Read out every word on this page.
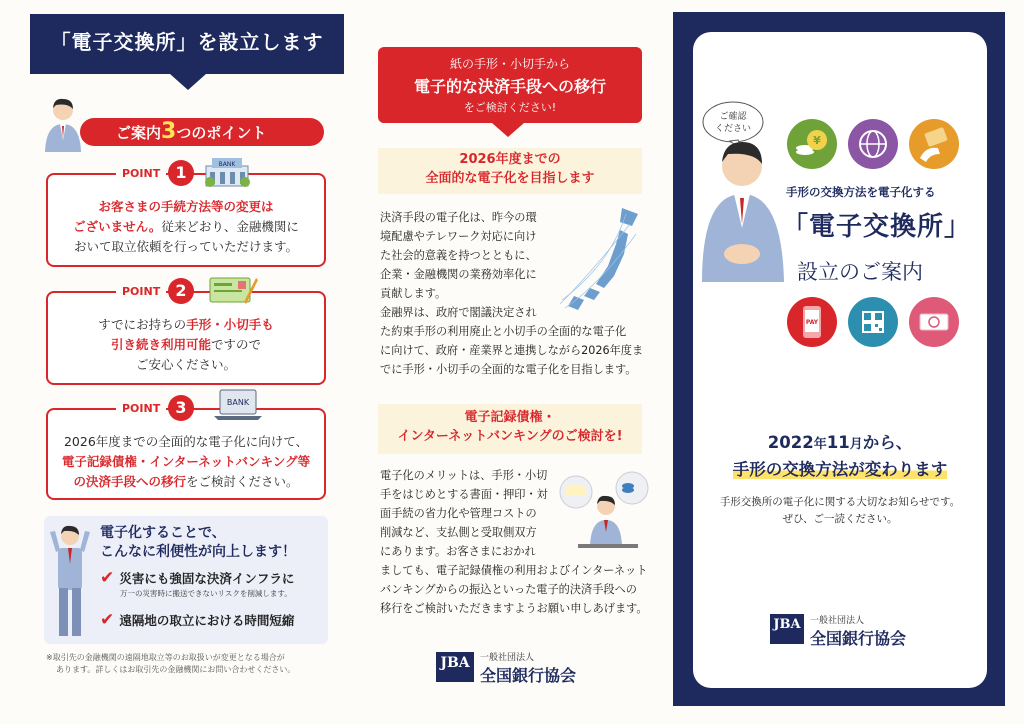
「電子交換所」を設立します
ご案内3つのポイント
お客さまの手続方法等の変更は
ございません。従来どおり、金融機関に
おいて取立依頼を行っていただけます。
POINT 1	BANK
すでにお持ちの手形・小切手も
引き続き利用可能ですので
ご安心ください。
POINT 2
2026年度までの全面的な電子化に向けて、
電子記録債権・インターネットバンキング等
の決済手段への移行をご検討ください。
POINT 3	BANK
電子化することで、
こんなに利便性が向上します！
✔ 災害にも強固な決済インフラに
万一の災害時に搬送できないリスクを削減します。
✔ 遠隔地の取立における時間短縮
※取引先の金融機関の遠隔地取立等のお取扱いが変更となる場合が
あります。詳しくはお取引先の金融機関にお問い合わせください。
紙の手形・小切手から
電子的な決済手段への移行
をご検討ください!
2026年度までの
全面的な電子化を目指します
決済手段の電子化は、昨今の環
境配慮やテレワーク対応に向け
た社会的意義を持つとともに、
企業・金融機関の業務効率化に
貢献します。
金融界は、政府で閣議決定され
た約束手形の利用廃止と小切手の全面的な電子化
に向けて、政府・産業界と連携しながら2026年度ま
でに手形・小切手の全面的な電子化を目指します。
電子記録債権・
インターネットバンキングのご検討を!
電子化のメリットは、手形・小切
手をはじめとする書面・押印・対
面手続の省力化や管理コストの
削減など、支払側と受取側双方
にあります。お客さまにおかれ
ましても、電子記録債権の利用およびインターネット
バンキングからの振込といった電子的決済手段への
移行をご検討いただきますようお願い申しあげます。
JBA	一般社団法人
全国銀行協会
ご確認
ください
¥
手形の交換方法を電子化する
「電子交換所」
設立のご案内
PAY
2022年11月から、
手形の交換方法が変わります
手形交換所の電子化に関する大切なお知らせです。
ぜひ、ご一読ください。
JBA	一般社団法人
全国銀行協会
